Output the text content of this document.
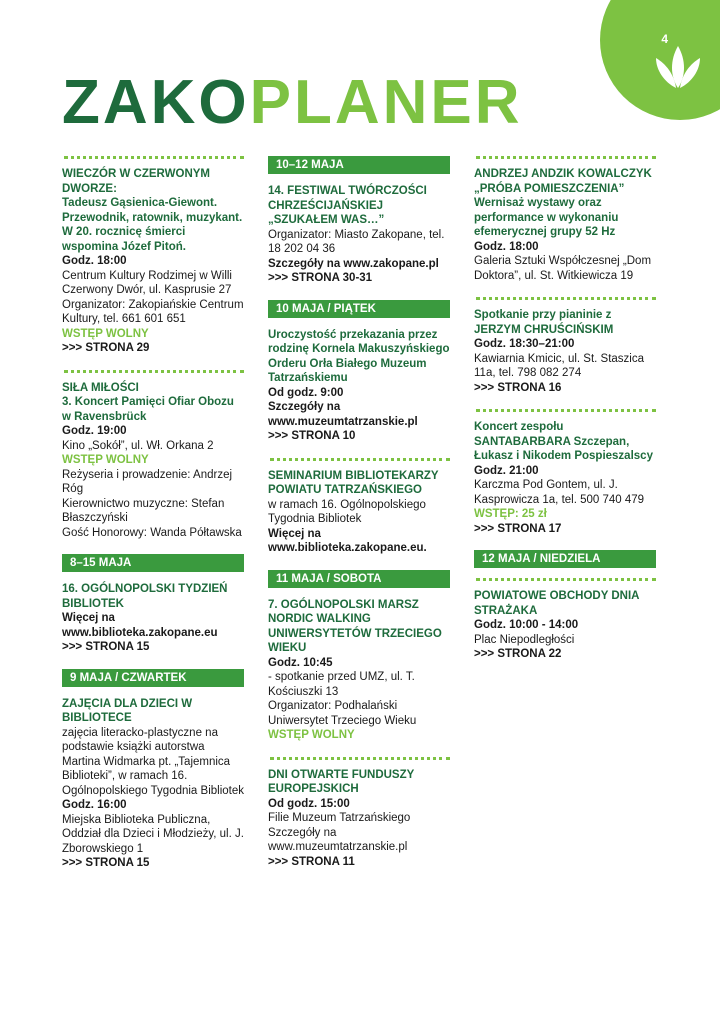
4
ZAKOPLANER

WIECZÓR W CZERWONYM DWORZE:

Tadeusz Gąsienica-Giewont. Przewodnik, ratownik, muzykant.

W 20. rocznicę śmierci wspomina Józef Pitoń.

Godz. 18:00

Centrum Kultury Rodzimej w Willi Czerwony Dwór, ul. Kasprusie 27

Organizator: Zakopiańskie Centrum Kultury, tel. 661 601 651

WSTĘP WOLNY

>>> STRONA 29

SIŁA MIŁOŚCI

3. Koncert Pamięci Ofiar Obozu w Ravensbrück

Godz. 19:00

Kino „Sokół”, ul. Wł. Orkana 2

WSTĘP WOLNY

Reżyseria i prowadzenie: Andrzej Róg

Kierownictwo muzyczne: Stefan Błaszczyński

Gość Honorowy: Wanda Półtawska

8–15 MAJA

16. OGÓLNOPOLSKI TYDZIEŃ BIBLIOTEK

Więcej na www.biblioteka.zakopane.eu

>>> STRONA 15

9 MAJA / CZWARTEK

ZAJĘCIA DLA DZIECI W BIBLIOTECE

zajęcia literacko-plastyczne na podstawie książki autorstwa Martina Widmarka pt. „Tajemnica Biblioteki”, w ramach 16. Ogólnopolskiego Tygodnia Bibliotek

Godz. 16:00

Miejska Biblioteka Publiczna, Oddział dla Dzieci i Młodzieży, ul. J. Zborowskiego 1

>>> STRONA 15

10–12 MAJA

14. FESTIWAL TWÓRCZOŚCI CHRZEŚCIJAŃSKIEJ „SZUKAŁEM WAS…”

Organizator: Miasto Zakopane, tel. 18 202 04 36

Szczegóły na www.zakopane.pl

>>> STRONA 30-31

10 MAJA / PIĄTEK

Uroczystość przekazania przez rodzinę Kornela Makuszyńskiego Orderu Orła Białego Muzeum Tatrzańskiemu

Od godz. 9:00

Szczegóły na www.muzeumtatrzanskie.pl

>>> STRONA 10

SEMINARIUM BIBLIOTEKARZY POWIATU TATRZAŃSKIEGO

w ramach 16. Ogólnopolskiego Tygodnia Bibliotek

Więcej na www.biblioteka.zakopane.eu.

11 MAJA / SOBOTA

7. OGÓLNOPOLSKI MARSZ NORDIC WALKING UNIWERSYTETÓW TRZECIEGO WIEKU

Godz. 10:45

- spotkanie przed UMZ, ul. T. Kościuszki 13

Organizator: Podhalański Uniwersytet Trzeciego Wieku

WSTĘP WOLNY

DNI OTWARTE FUNDUSZY EUROPEJSKICH

Od godz. 15:00

Filie Muzeum Tatrzańskiego

Szczegóły na www.muzeumtatrzanskie.pl

>>> STRONA 11

ANDRZEJ ANDZIK KOWALCZYK „PRÓBA POMIESZCZENIA”

Wernisaż wystawy oraz performance w wykonaniu efemerycznej grupy 52 Hz

Godz. 18:00

Galeria Sztuki Współczesnej „Dom Doktora”, ul. St. Witkiewicza 19

Spotkanie przy pianinie z JERZYM CHRUŚCIŃSKIM

Godz. 18:30–21:00

Kawiarnia Kmicic, ul. St. Staszica 11a, tel. 798 082 274

>>> STRONA 16

Koncert zespołu SANTABARBARA Szczepan, Łukasz i Nikodem Pospieszalscy

Godz. 21:00

Karczma Pod Gontem, ul. J. Kasprowicza 1a, tel. 500 740 479

WSTĘP: 25 zł

>>> STRONA 17

12 MAJA / NIEDZIELA

POWIATOWE OBCHODY DNIA STRAŻAKA

Godz. 10:00 - 14:00

Plac Niepodległości

>>> STRONA 22
